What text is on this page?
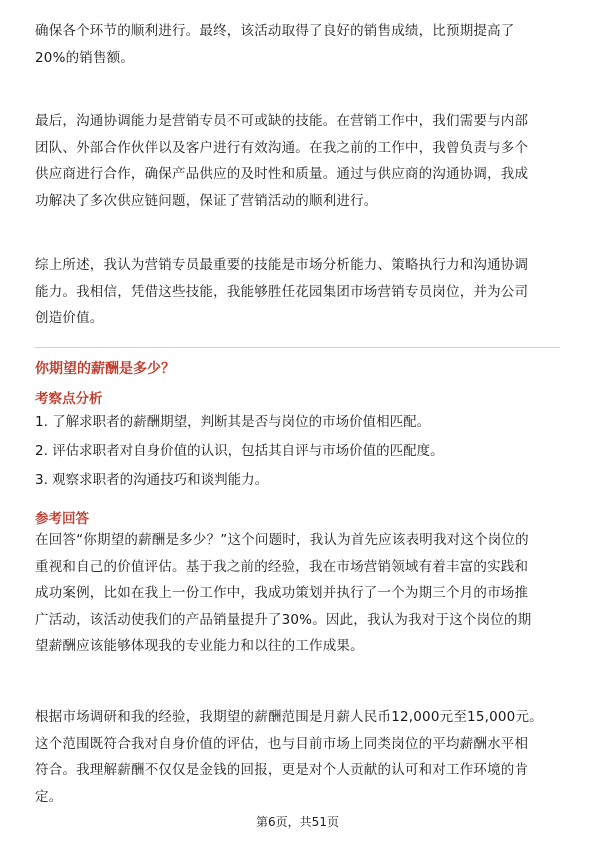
确保各个环节的顺利进行。最终，该活动取得了良好的销售成绩，比预期提高了
20%的销售额。
最后，沟通协调能力是营销专员不可或缺的技能。在营销工作中，我们需要与内部
团队、外部合作伙伴以及客户进行有效沟通。在我之前的工作中，我曾负责与多个
供应商进行合作，确保产品供应的及时性和质量。通过与供应商的沟通协调，我成
功解决了多次供应链问题，保证了营销活动的顺利进行。
综上所述，我认为营销专员最重要的技能是市场分析能力、策略执行力和沟通协调
能力。我相信，凭借这些技能，我能够胜任花园集团市场营销专员岗位，并为公司
创造价值。
你期望的薪酬是多少？
考察点分析
1. 了解求职者的薪酬期望，判断其是否与岗位的市场价值相匹配。
2. 评估求职者对自身价值的认识，包括其自评与市场价值的匹配度。
3. 观察求职者的沟通技巧和谈判能力。
参考回答
在回答“你期望的薪酬是多少？”这个问题时，我认为首先应该表明我对这个岗位的
重视和自己的价值评估。基于我之前的经验，我在市场营销领域有着丰富的实践和
成功案例，比如在我上一份工作中，我成功策划并执行了一个为期三个月的市场推
广活动，该活动使我们的产品销量提升了30%。因此，我认为我对于这个岗位的期
望薪酬应该能够体现我的专业能力和以往的工作成果。
根据市场调研和我的经验，我期望的薪酬范围是月薪人民币12,000元至15,000元。
这个范围既符合我对自身价值的评估，也与目前市场上同类岗位的平均薪酬水平相
符合。我理解薪酬不仅仅是金钱的回报，更是对个人贡献的认可和对工作环境的肯
定。
第6页，共51页
